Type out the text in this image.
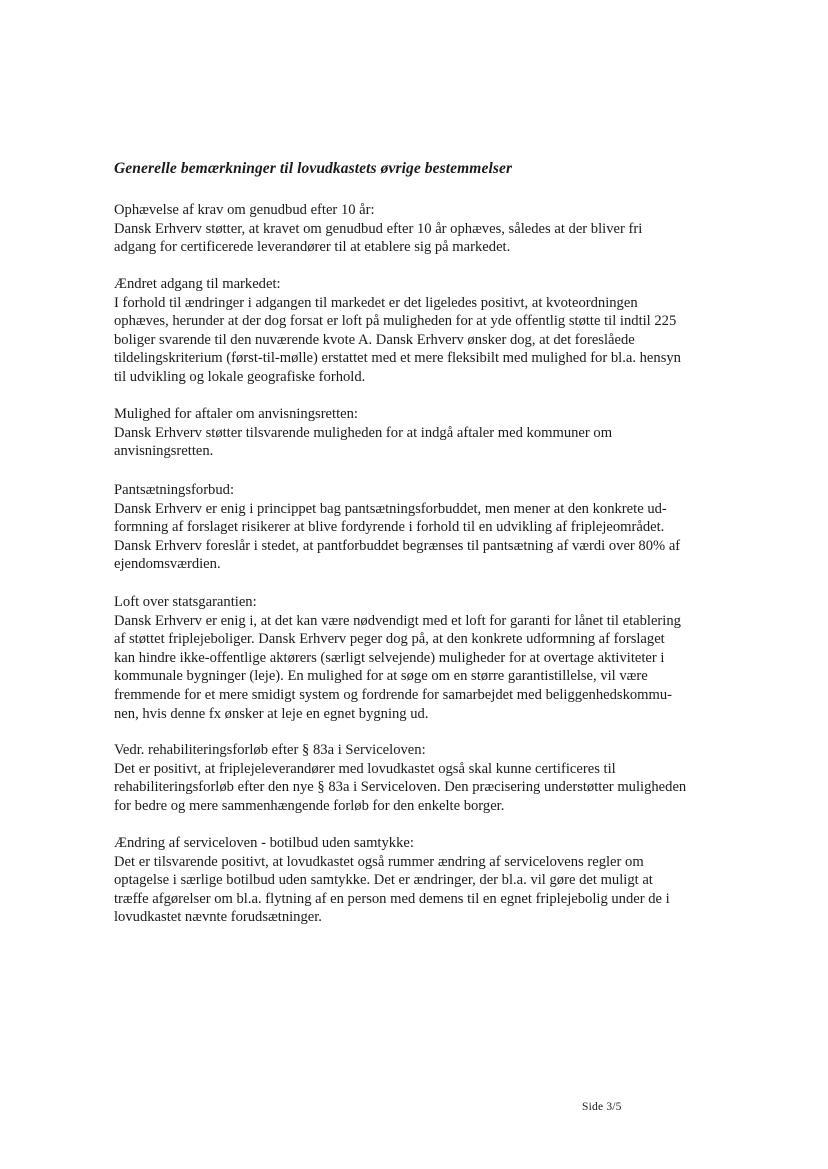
Generelle bemærkninger til lovudkastets øvrige bestemmelser

Ophævelse af krav om genudbud efter 10 år:

Dansk Erhverv støtter, at kravet om genudbud efter 10 år ophæves, således at der bliver fri
adgang for certificerede leverandører til at etablere sig på markedet.

Ændret adgang til markedet:

I forhold til ændringer i adgangen til markedet er det ligeledes positivt, at kvoteordningen
ophæves, herunder at der dog forsat er loft på muligheden for at yde offentlig støtte til indtil 225
boliger svarende til den nuværende kvote A. Dansk Erhverv ønsker dog, at det foreslåede
tildelingskriterium (først-til-mølle) erstattet med et mere fleksibilt med mulighed for bl.a. hensyn
til udvikling og lokale geografiske forhold.

Mulighed for aftaler om anvisningsretten:

Dansk Erhverv støtter tilsvarende muligheden for at indgå aftaler med kommuner om
anvisningsretten.

Pantsætningsforbud:

Dansk Erhverv er enig i princippet bag pantsætningsforbuddet, men mener at den konkrete ud-
formning af forslaget risikerer at blive fordyrende i forhold til en udvikling af friplejeområdet.
Dansk Erhverv foreslår i stedet, at pantforbuddet begrænses til pantsætning af værdi over 80% af
ejendomsværdien.

Loft over statsgarantien:

Dansk Erhverv er enig i, at det kan være nødvendigt med et loft for garanti for lånet til etablering
af støttet friplejeboliger. Dansk Erhverv peger dog på, at den konkrete udformning af forslaget
kan hindre ikke-offentlige aktørers (særligt selvejende) muligheder for at overtage aktiviteter i
kommunale bygninger (leje). En mulighed for at søge om en større garantistillelse, vil være
fremmende for et mere smidigt system og fordrende for samarbejdet med beliggenhedskommu-
nen, hvis denne fx ønsker at leje en egnet bygning ud.

Vedr. rehabiliteringsforløb efter § 83a i Serviceloven:

Det er positivt, at friplejeleverandører med lovudkastet også skal kunne certificeres til
rehabiliteringsforløb efter den nye § 83a i Serviceloven. Den præcisering understøtter muligheden
for bedre og mere sammenhængende forløb for den enkelte borger.

Ændring af serviceloven - botilbud uden samtykke:

Det er tilsvarende positivt, at lovudkastet også rummer ændring af servicelovens regler om
optagelse i særlige botilbud uden samtykke. Det er ændringer, der bl.a. vil gøre det muligt at
træffe afgørelser om bl.a. flytning af en person med demens til en egnet friplejebolig under de i
lovudkastet nævnte forudsætninger.

Side 3/5
